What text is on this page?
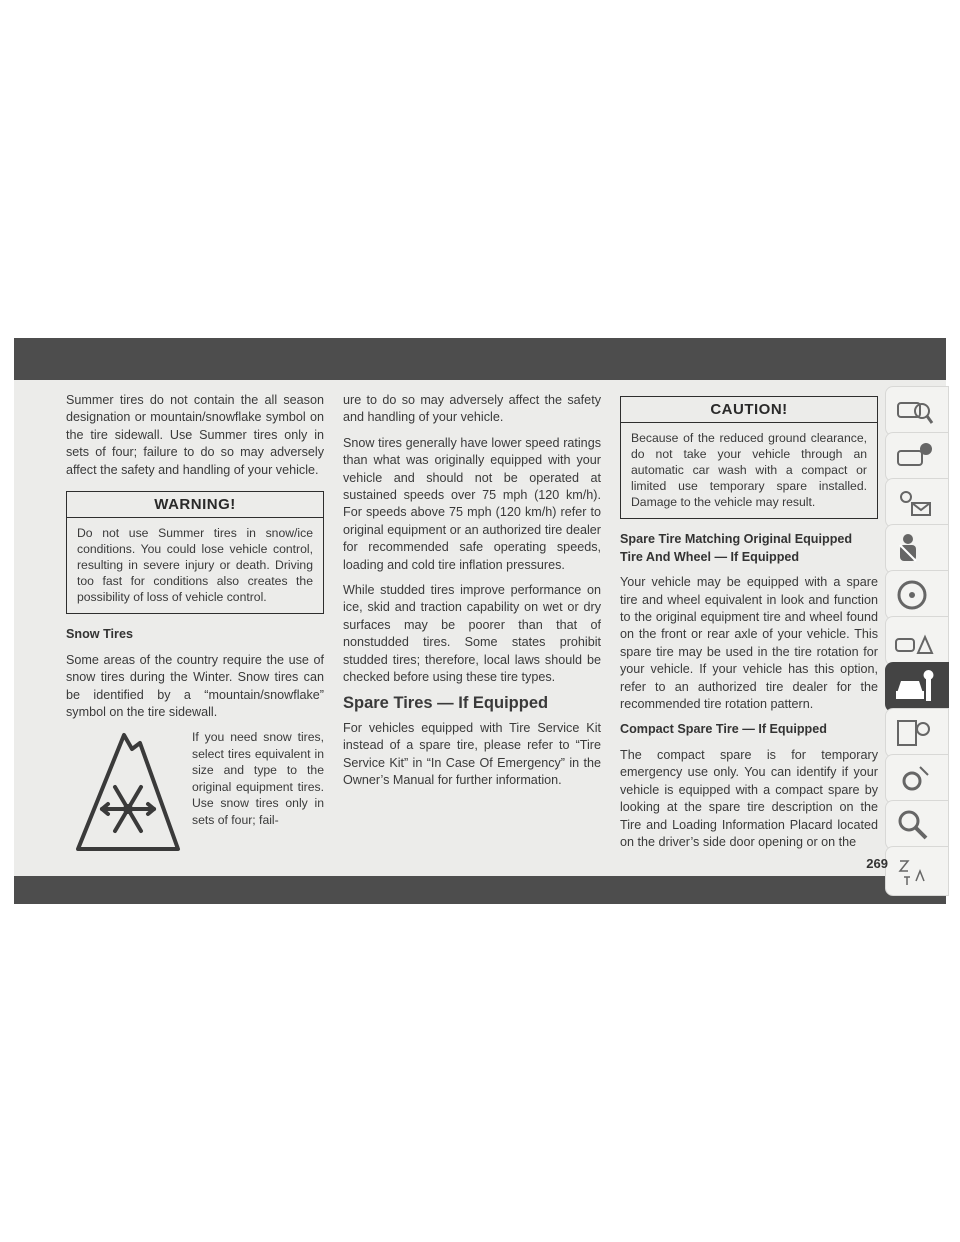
Summer tires do not contain the all season designation or mountain/snowflake symbol on the tire sidewall. Use Summer tires only in sets of four; failure to do so may adversely affect the safety and handling of your vehicle.

WARNING!
Do not use Summer tires in snow/ice conditions. You could lose vehicle control, resulting in severe injury or death. Driving too fast for conditions also creates the possibility of loss of vehicle control.
Snow Tires

Some areas of the country require the use of snow tires during the Winter. Snow tires can be identified by a “mountain/snowflake” symbol on the tire sidewall.

If you need snow tires, select tires equivalent in size and type to the original equipment tires. Use snow tires only in sets of four; fail-

ure to do so may adversely affect the safety and handling of your vehicle.

Snow tires generally have lower speed ratings than what was originally equipped with your vehicle and should not be operated at sustained speeds over 75 mph (120 km/h). For speeds above 75 mph (120 km/h) refer to original equipment or an authorized tire dealer for recommended safe operating speeds, loading and cold tire inflation pressures.

While studded tires improve performance on ice, skid and traction capability on wet or dry surfaces may be poorer than that of nonstudded tires. Some states prohibit studded tires; therefore, local laws should be checked before using these tire types.

Spare Tires — If Equipped

For vehicles equipped with Tire Service Kit instead of a spare tire, please refer to “Tire Service Kit” in “In Case Of Emergency” in the Owner’s Manual for further information.

CAUTION!
Because of the reduced ground clearance, do not take your vehicle through an automatic car wash with a compact or limited use temporary spare installed. Damage to the vehicle may result.
Spare Tire Matching Original Equipped Tire And Wheel — If Equipped

Your vehicle may be equipped with a spare tire and wheel equivalent in look and function to the original equipment tire and wheel found on the front or rear axle of your vehicle. This spare tire may be used in the tire rotation for your vehicle. If your vehicle has this option, refer to an authorized tire dealer for the recommended tire rotation pattern.

Compact Spare Tire — If Equipped

The compact spare is for temporary emergency use only. You can identify if your vehicle is equipped with a compact spare by looking at the spare tire description on the Tire and Loading Information Placard located on the driver’s side door opening or on the

269
